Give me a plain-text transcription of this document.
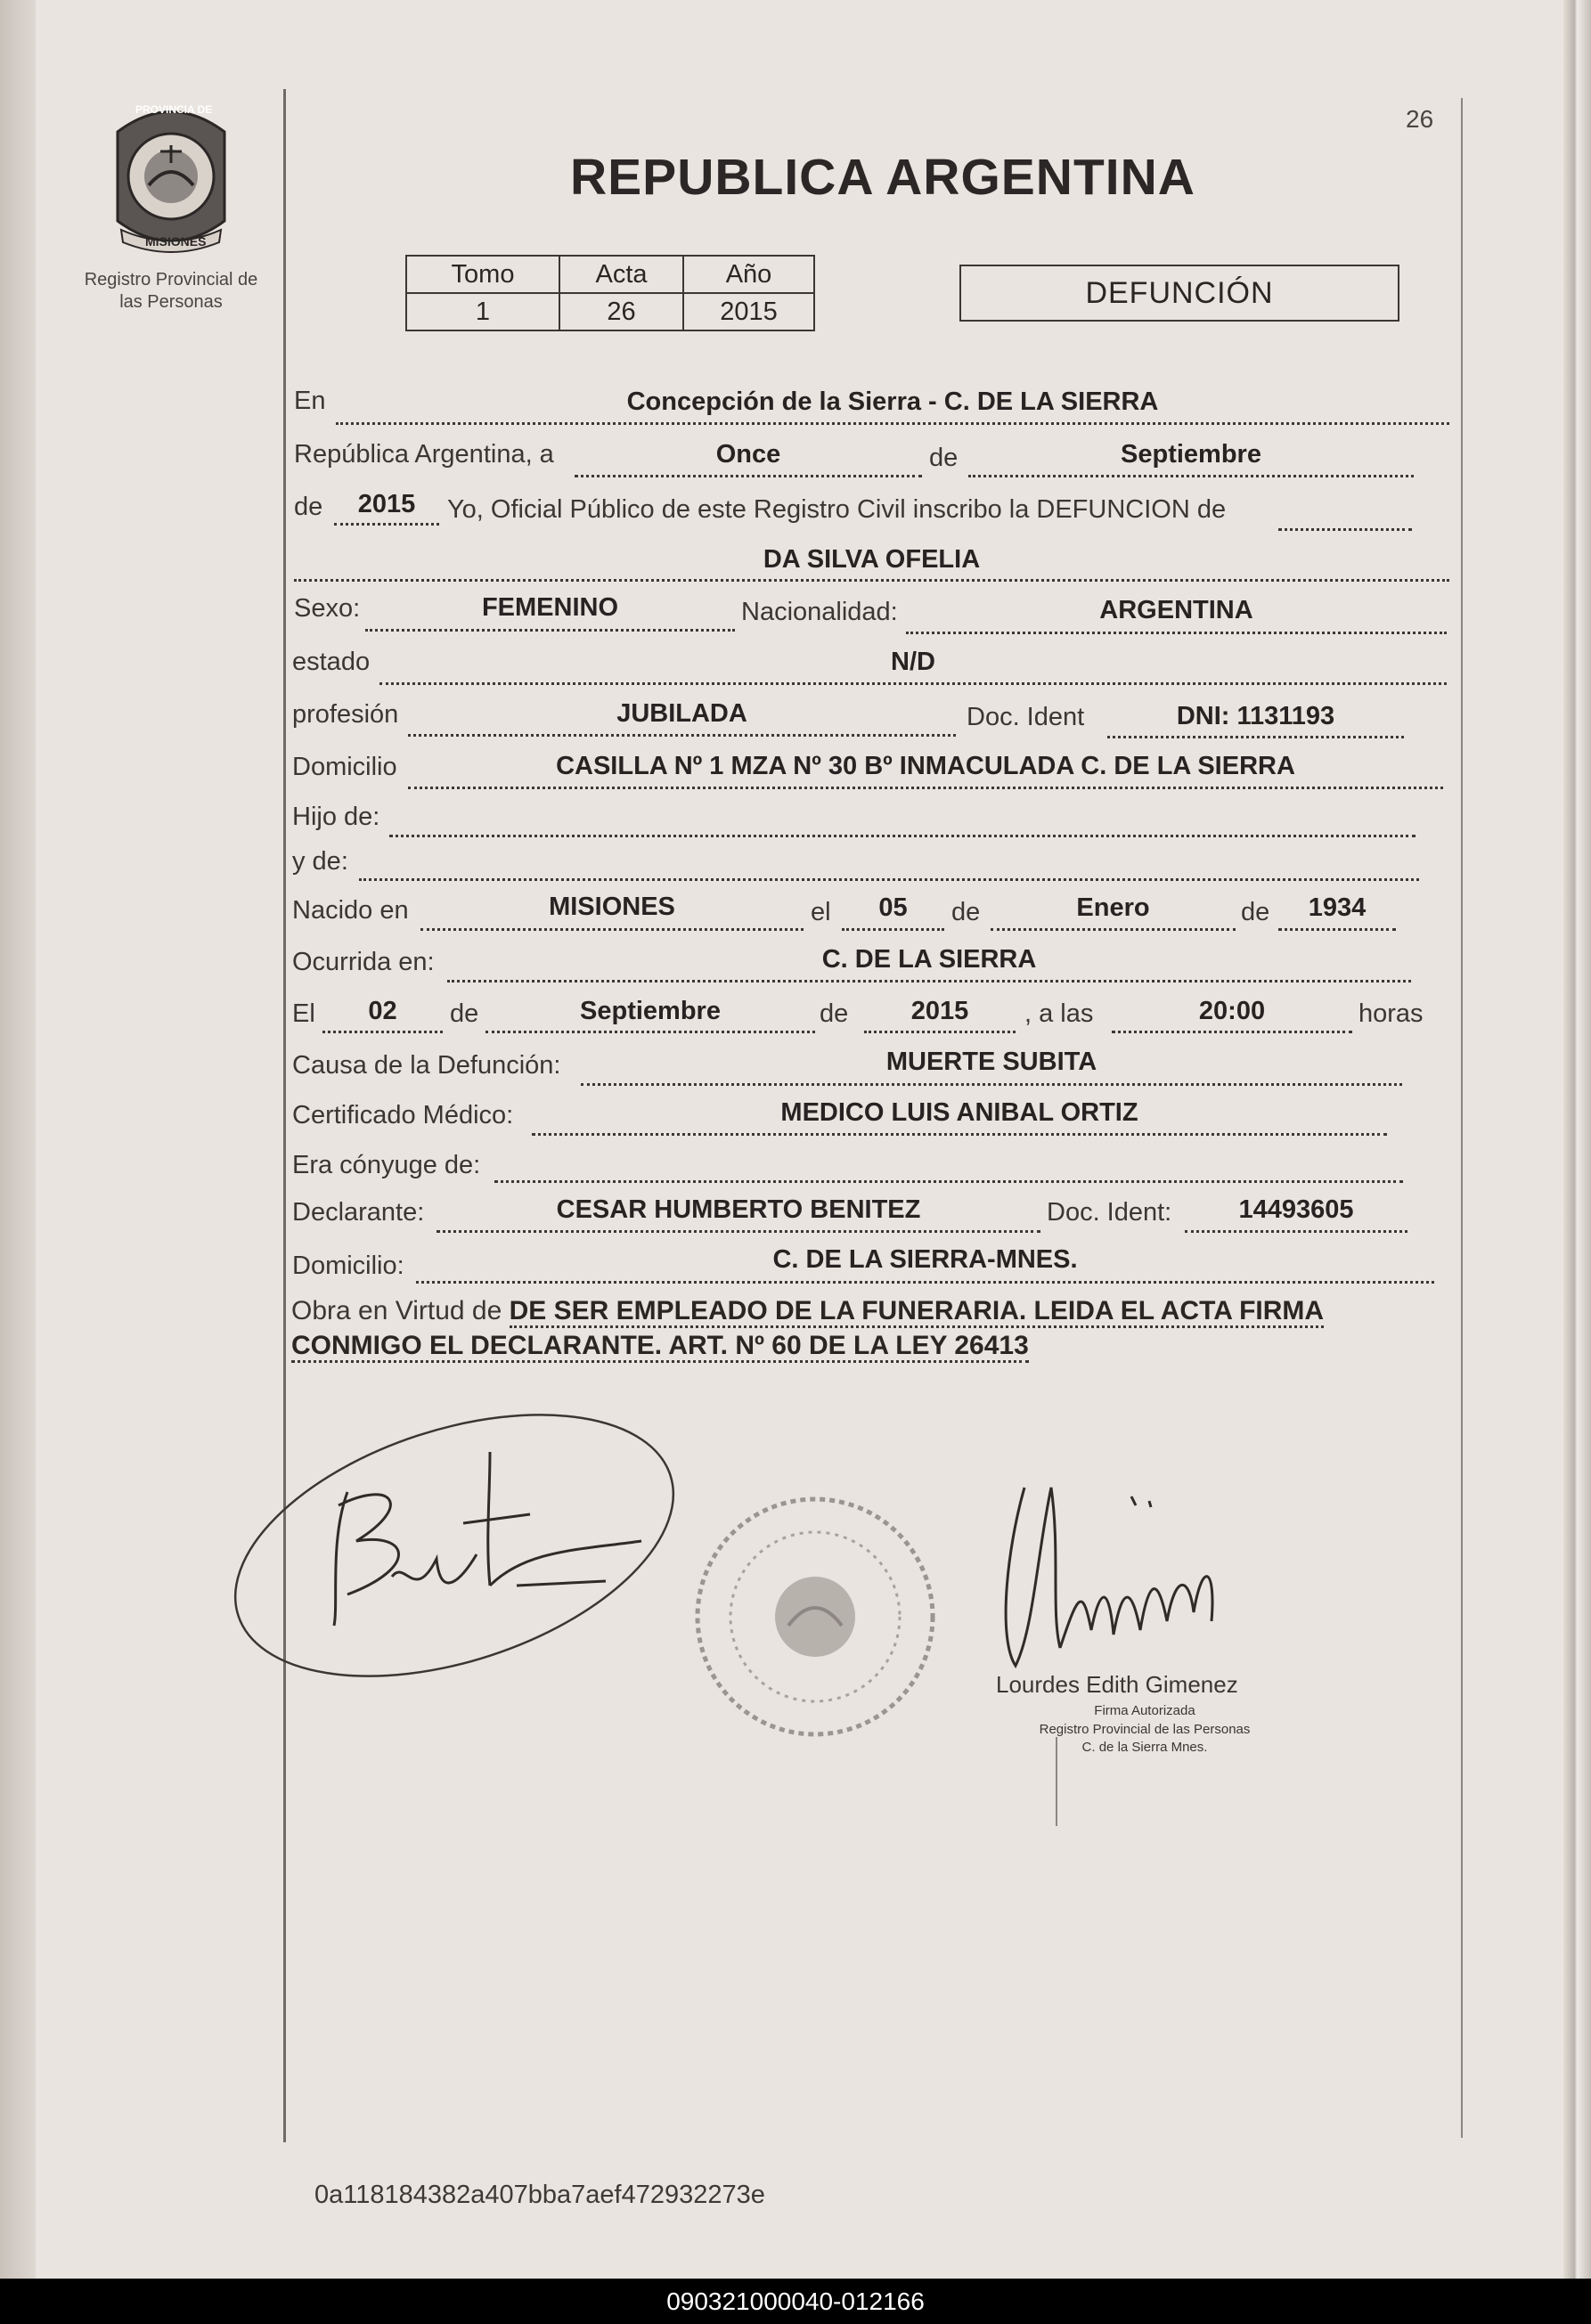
PROVINCIA DE
MISIONES
Registro Provincial de
las Personas
26
REPUBLICA ARGENTINA
Tomo	Acta	Año
1	26	2015
DEFUNCIÓN
En	Concepción de la Sierra - C. DE LA SIERRA
República Argentina, a	Once	de	Septiembre
de	2015	Yo, Oficial Público de este Registro Civil inscribo la DEFUNCION de
DA SILVA OFELIA
Sexo:	FEMENINO	Nacionalidad:	ARGENTINA
estado	N/D
profesión	JUBILADA	Doc. Ident	DNI: 1131193
Domicilio	CASILLA Nº 1 MZA Nº 30 Bº INMACULADA C. DE LA SIERRA
Hijo de:
y de:
Nacido en	MISIONES	el	05	de	Enero	de	1934
Ocurrida en:	C. DE LA SIERRA
El	02	de	Septiembre	de	2015	, a las	20:00	horas
Causa de la Defunción:	MUERTE SUBITA
Certificado Médico:	MEDICO LUIS ANIBAL ORTIZ
Era cónyuge de:
Declarante:	CESAR HUMBERTO BENITEZ	Doc. Ident:	14493605
Domicilio:	C. DE LA SIERRA-MNES.
Obra en Virtud de DE SER EMPLEADO DE LA FUNERARIA. LEIDA EL ACTA FIRMA CONMIGO EL DECLARANTE. ART. Nº 60 DE LA LEY 26413
Lourdes Edith Gimenez
Firma Autorizada
Registro Provincial de las Personas
C. de la Sierra Mnes.
0a118184382a407bba7aef472932273e
090321000040-012166
